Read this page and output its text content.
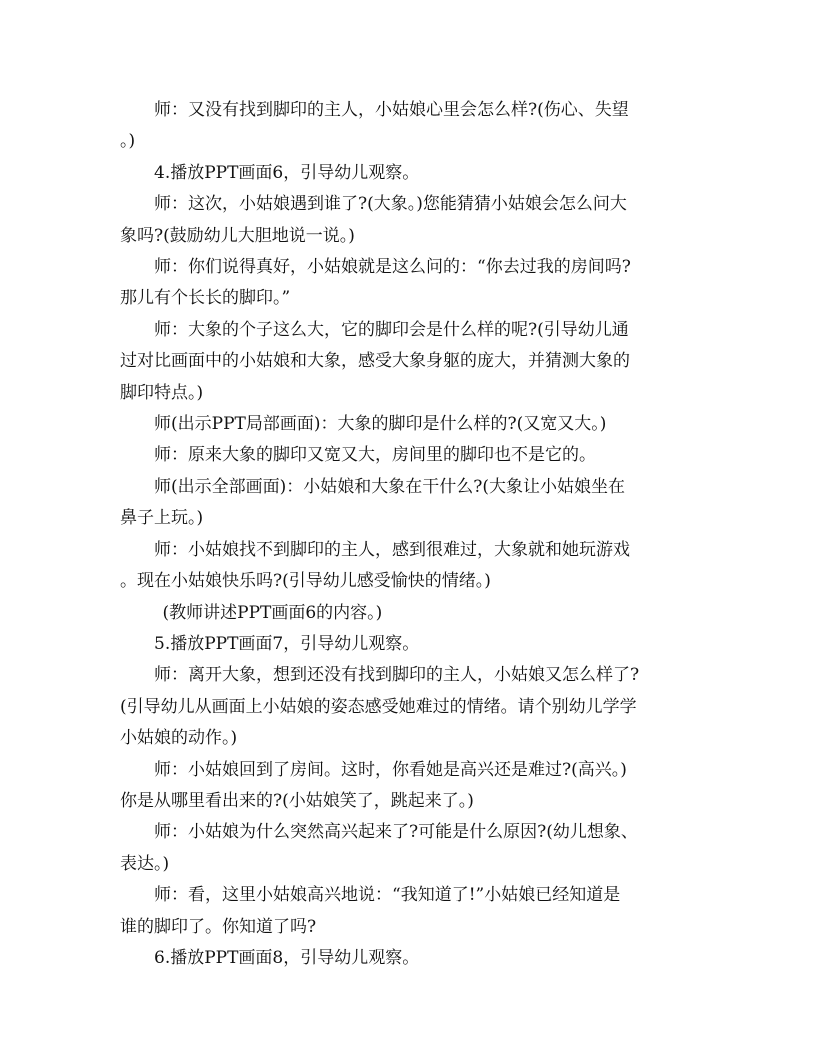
师：又没有找到脚印的主人，小姑娘心里会怎么样?(伤心、失望
。)

4.播放PPT画面6，引导幼儿观察。

师：这次，小姑娘遇到谁了?(大象。)您能猜猜小姑娘会怎么问大
象吗?(鼓励幼儿大胆地说一说。)

师：你们说得真好，小姑娘就是这么问的：“你去过我的房间吗?
那儿有个长长的脚印。”

师：大象的个子这么大，它的脚印会是什么样的呢?(引导幼儿通
过对比画面中的小姑娘和大象，感受大象身躯的庞大，并猜测大象的
脚印特点。)

师(出示PPT局部画面)：大象的脚印是什么样的?(又宽又大。)

师：原来大象的脚印又宽又大，房间里的脚印也不是它的。

师(出示全部画面)：小姑娘和大象在干什么?(大象让小姑娘坐在
鼻子上玩。)

师：小姑娘找不到脚印的主人，感到很难过，大象就和她玩游戏
。现在小姑娘快乐吗?(引导幼儿感受愉快的情绪。)

(教师讲述PPT画面6的内容。)

5.播放PPT画面7，引导幼儿观察。

师：离开大象，想到还没有找到脚印的主人，小姑娘又怎么样了?
(引导幼儿从画面上小姑娘的姿态感受她难过的情绪。请个别幼儿学学
小姑娘的动作。)

师：小姑娘回到了房间。这时，你看她是高兴还是难过?(高兴。)
你是从哪里看出来的?(小姑娘笑了，跳起来了。)

师：小姑娘为什么突然高兴起来了?可能是什么原因?(幼儿想象、
表达。)

师：看，这里小姑娘高兴地说：“我知道了!”小姑娘已经知道是
谁的脚印了。你知道了吗?

6.播放PPT画面8，引导幼儿观察。
